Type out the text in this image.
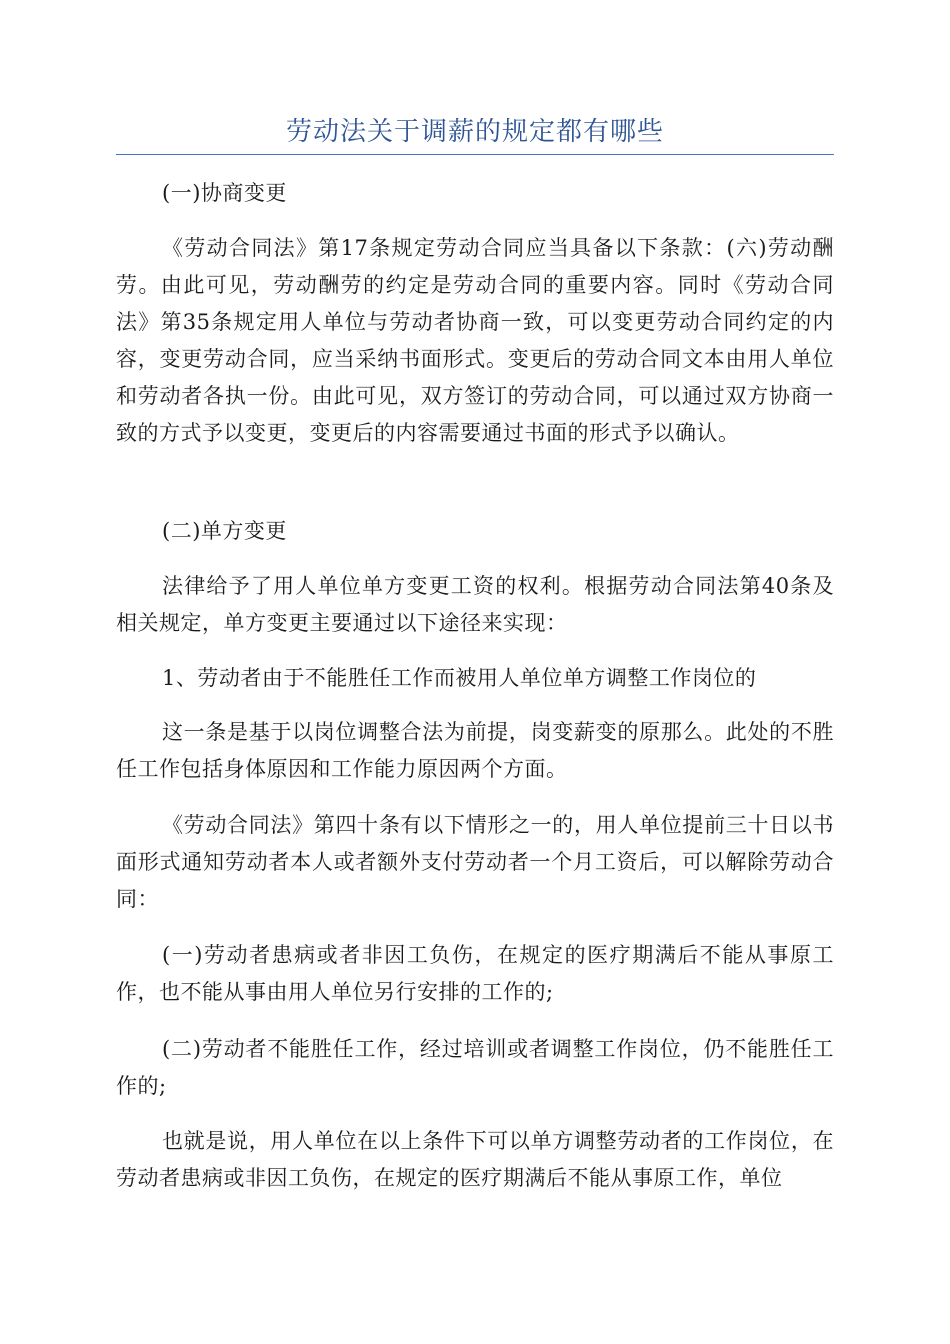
劳动法关于调薪的规定都有哪些

(一)协商变更

《劳动合同法》第17条规定劳动合同应当具备以下条款：(六)劳动酬劳。由此可见，劳动酬劳的约定是劳动合同的重要内容。同时《劳动合同法》第35条规定用人单位与劳动者协商一致，可以变更劳动合同约定的内容，变更劳动合同，应当采纳书面形式。变更后的劳动合同文本由用人单位和劳动者各执一份。由此可见，双方签订的劳动合同，可以通过双方协商一致的方式予以变更，变更后的内容需要通过书面的形式予以确认。

(二)单方变更

法律给予了用人单位单方变更工资的权利。根据劳动合同法第40条及相关规定，单方变更主要通过以下途径来实现：

1、劳动者由于不能胜任工作而被用人单位单方调整工作岗位的

这一条是基于以岗位调整合法为前提，岗变薪变的原那么。此处的不胜任工作包括身体原因和工作能力原因两个方面。

《劳动合同法》第四十条有以下情形之一的，用人单位提前三十日以书面形式通知劳动者本人或者额外支付劳动者一个月工资后，可以解除劳动合同：

(一)劳动者患病或者非因工负伤，在规定的医疗期满后不能从事原工作，也不能从事由用人单位另行安排的工作的;

(二)劳动者不能胜任工作，经过培训或者调整工作岗位，仍不能胜任工作的;

也就是说，用人单位在以上条件下可以单方调整劳动者的工作岗位，在劳动者患病或非因工负伤，在规定的医疗期满后不能从事原工作，单位
